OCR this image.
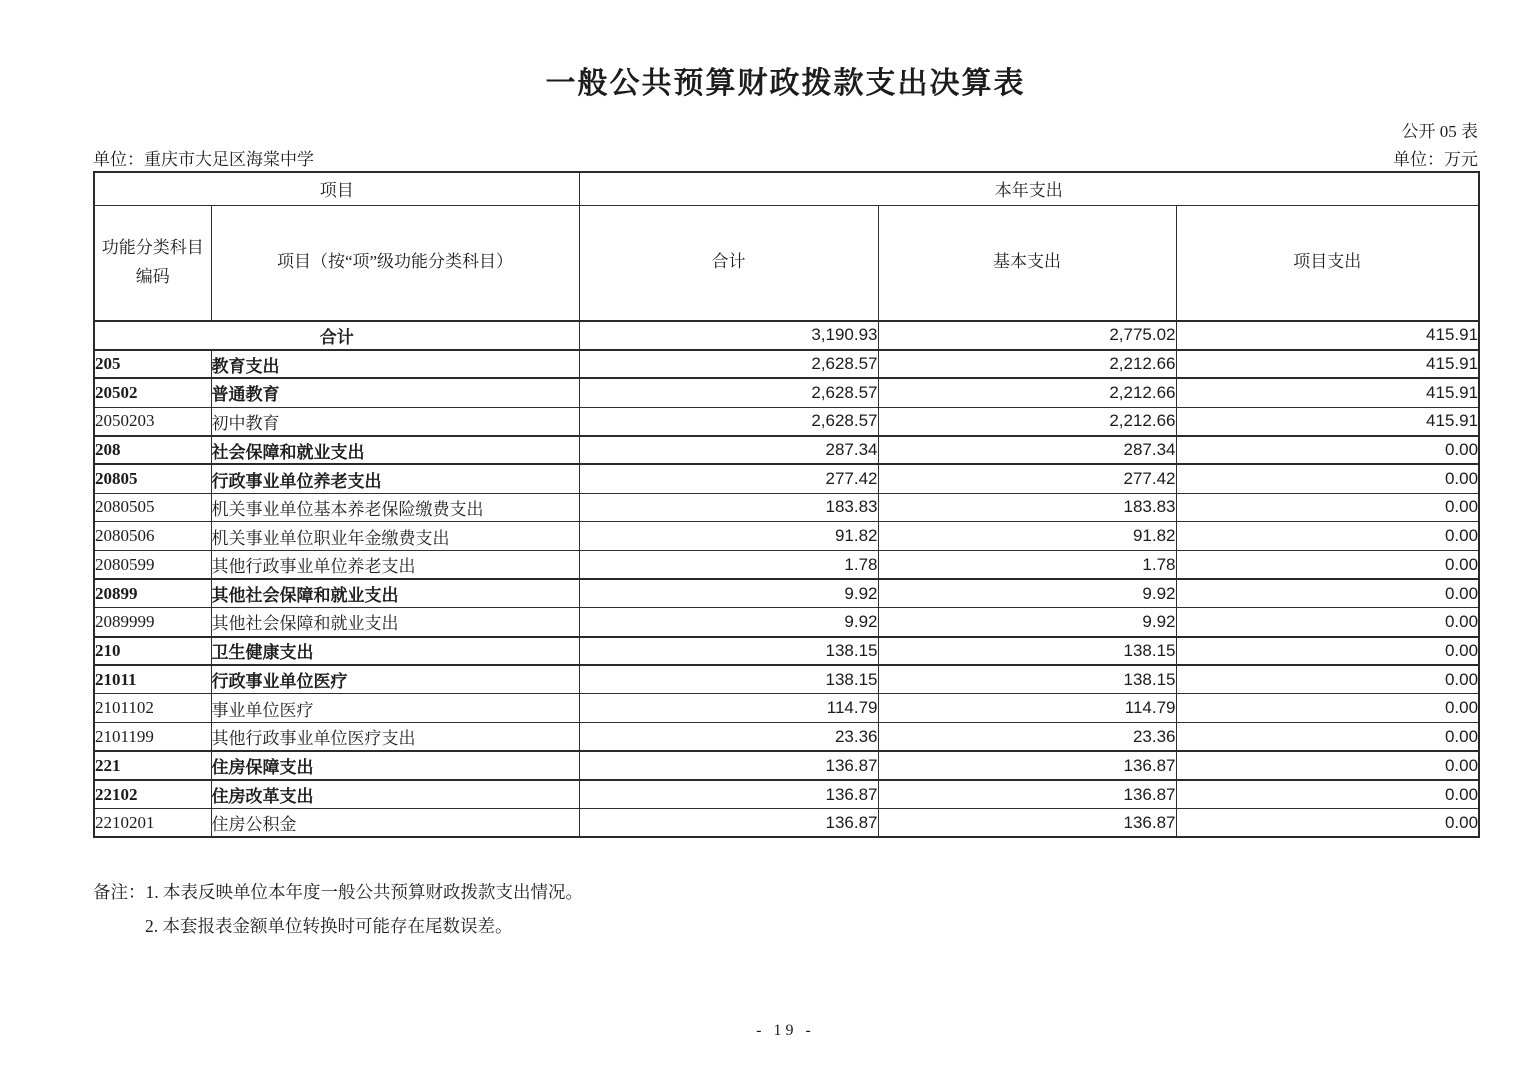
一般公共预算财政拨款支出决算表
公开 05 表
单位：重庆市大足区海棠中学	单位：万元
项目		本年支出		

功能分类科目
编码	项目（按“项”级功能分类科目）	合计	基本支出	项目支出
合计		3,190.93	2,775.02	415.91
205	教育支出	2,628.57	2,212.66	415.91
20502	普通教育	2,628.57	2,212.66	415.91
2050203	初中教育	2,628.57	2,212.66	415.91
208	社会保障和就业支出	287.34	287.34	0.00
20805	行政事业单位养老支出	277.42	277.42	0.00
2080505	机关事业单位基本养老保险缴费支出	183.83	183.83	0.00
2080506	机关事业单位职业年金缴费支出	91.82	91.82	0.00
2080599	其他行政事业单位养老支出	1.78	1.78	0.00
20899	其他社会保障和就业支出	9.92	9.92	0.00
2089999	其他社会保障和就业支出	9.92	9.92	0.00
210	卫生健康支出	138.15	138.15	0.00
21011	行政事业单位医疗	138.15	138.15	0.00
2101102	事业单位医疗	114.79	114.79	0.00
2101199	其他行政事业单位医疗支出	23.36	23.36	0.00
221	住房保障支出	136.87	136.87	0.00
22102	住房改革支出	136.87	136.87	0.00
2210201	住房公积金	136.87	136.87	0.00
备注：1. 本表反映单位本年度一般公共预算财政拨款支出情况。
2. 本套报表金额单位转换时可能存在尾数误差。
- 19 -
